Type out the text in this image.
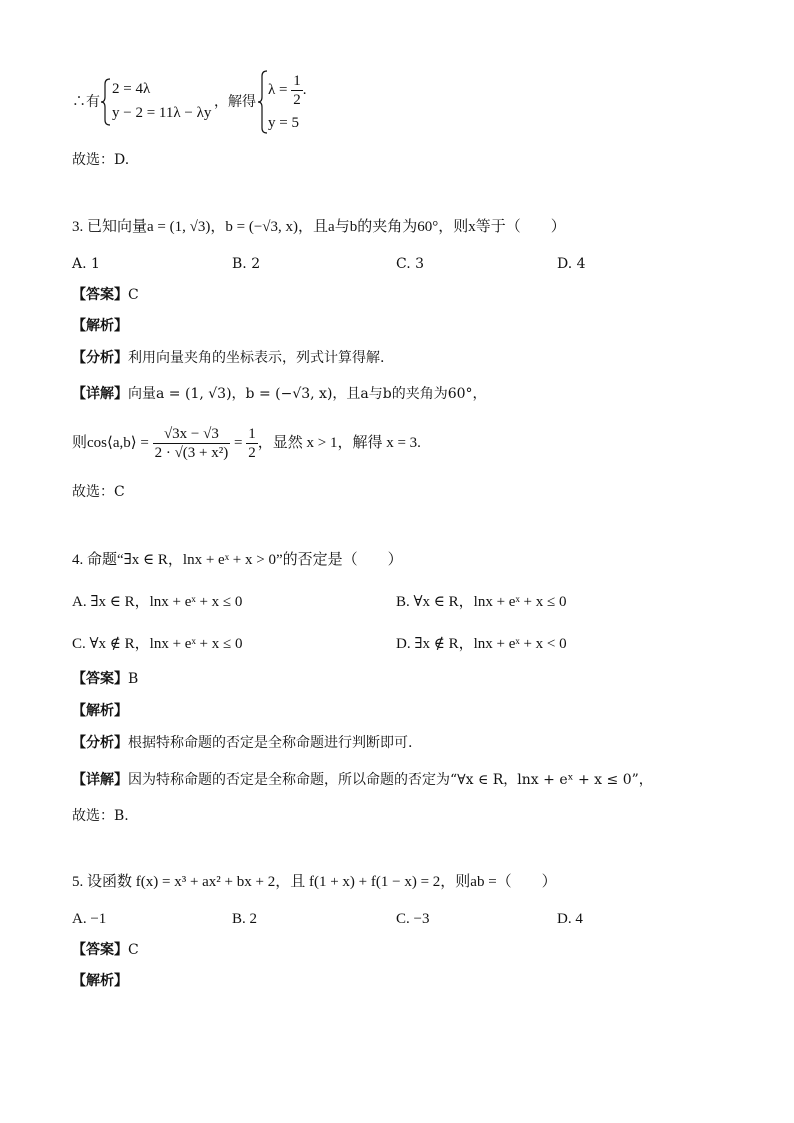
∴有
2 = 4λ
y − 2 = 11λ − λy
，解得
$\lambda = \frac{1}{2}$ .
y = 5
故选：D.
3. 已知向量a = (1, √3)，b = (−√3, x)，且a与b的夹角为60°，则x等于（　　）
A. 1	B. 2	C. 3	D. 4
【答案】C
【解析】
【分析】利用向量夹角的坐标表示，列式计算得解.
【详解】向量a = (1, √3)，b = (−√3, x)，且a与b的夹角为60°，
则cos⟨a,b⟩ = $\frac{√3x - √3}{\text{2 · √(3 + x²)}} = \frac{1}{2}$ ，显然 x > 1，解得 x = 3.
故选：C
4. 命题“∃x ∈ R，lnx + eˣ + x > 0”的否定是（　　）
A. ∃x ∈ R，lnx + eˣ + x ≤ 0	B. ∀x ∈ R，lnx + eˣ + x ≤ 0
C. ∀x ∉ R，lnx + eˣ + x ≤ 0	D. ∃x ∉ R，lnx + eˣ + x < 0
【答案】B
【解析】
【分析】根据特称命题的否定是全称命题进行判断即可.
【详解】因为特称命题的否定是全称命题，所以命题的否定为“∀x ∈ R，lnx + eˣ + x ≤ 0”，
故选：B.
5. 设函数 f(x) = x³ + ax² + bx + 2，且 f(1 + x) + f(1 − x) = 2，则ab =（　　）
A. −1	B. 2	C. −3	D. 4
【答案】C
【解析】
